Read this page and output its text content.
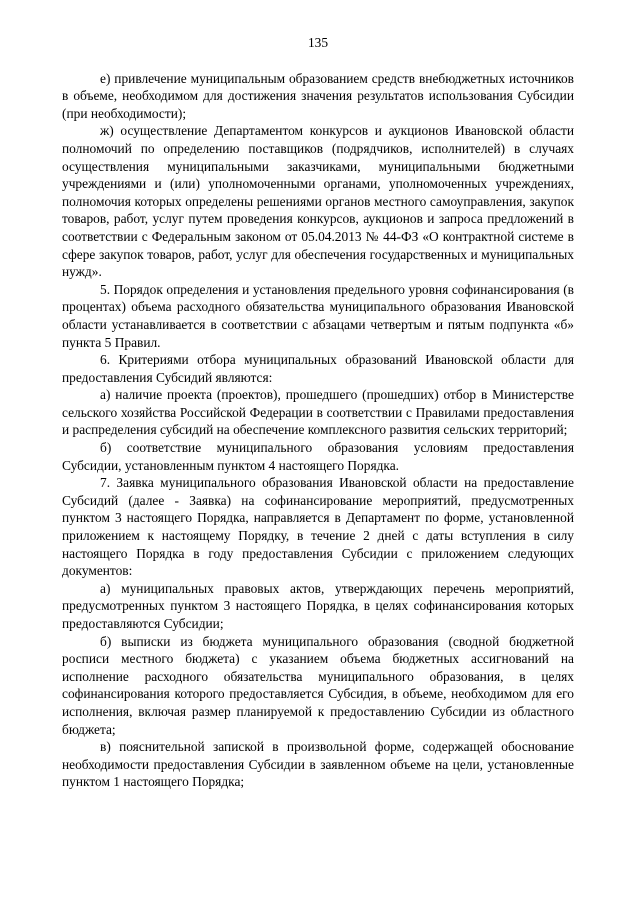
135

е) привлечение муниципальным образованием средств внебюджетных источников в объеме, необходимом для достижения значения результатов использования Субсидии (при необходимости);

ж) осуществление Департаментом конкурсов и аукционов Ивановской области полномочий по определению поставщиков (подрядчиков, исполнителей) в случаях осуществления муниципальными заказчиками, муниципальными бюджетными учреждениями и (или) уполномоченными органами, уполномоченных учреждениях, полномочия которых определены решениями органов местного самоуправления, закупок товаров, работ, услуг путем проведения конкурсов, аукционов и запроса предложений в соответствии с Федеральным законом от 05.04.2013 № 44-ФЗ «О контрактной системе в сфере закупок товаров, работ, услуг для обеспечения государственных и муниципальных нужд».

5. Порядок определения и установления предельного уровня софинансирования (в процентах) объема расходного обязательства муниципального образования Ивановской области устанавливается в соответствии с абзацами четвертым и пятым подпункта «б» пункта 5 Правил.

6. Критериями отбора муниципальных образований Ивановской области для предоставления Субсидий являются:

а) наличие проекта (проектов), прошедшего (прошедших) отбор в Министерстве сельского хозяйства Российской Федерации в соответствии с Правилами предоставления и распределения субсидий на обеспечение комплексного развития сельских территорий;

б) соответствие муниципального образования условиям предоставления Субсидии, установленным пунктом 4 настоящего Порядка.

7. Заявка муниципального образования Ивановской области на предоставление Субсидий (далее - Заявка) на софинансирование мероприятий, предусмотренных пунктом 3 настоящего Порядка, направляется в Департамент по форме, установленной приложением к настоящему Порядку, в течение 2 дней с даты вступления в силу настоящего Порядка в году предоставления Субсидии с приложением следующих документов:

а) муниципальных правовых актов, утверждающих перечень мероприятий, предусмотренных пунктом 3 настоящего Порядка, в целях софинансирования которых предоставляются Субсидии;

б) выписки из бюджета муниципального образования (сводной бюджетной росписи местного бюджета) с указанием объема бюджетных ассигнований на исполнение расходного обязательства муниципального образования, в целях софинансирования которого предоставляется Субсидия, в объеме, необходимом для его исполнения, включая размер планируемой к предоставлению Субсидии из областного бюджета;

в) пояснительной запиской в произвольной форме, содержащей обоснование необходимости предоставления Субсидии в заявленном объеме на цели, установленные пунктом 1 настоящего Порядка;
